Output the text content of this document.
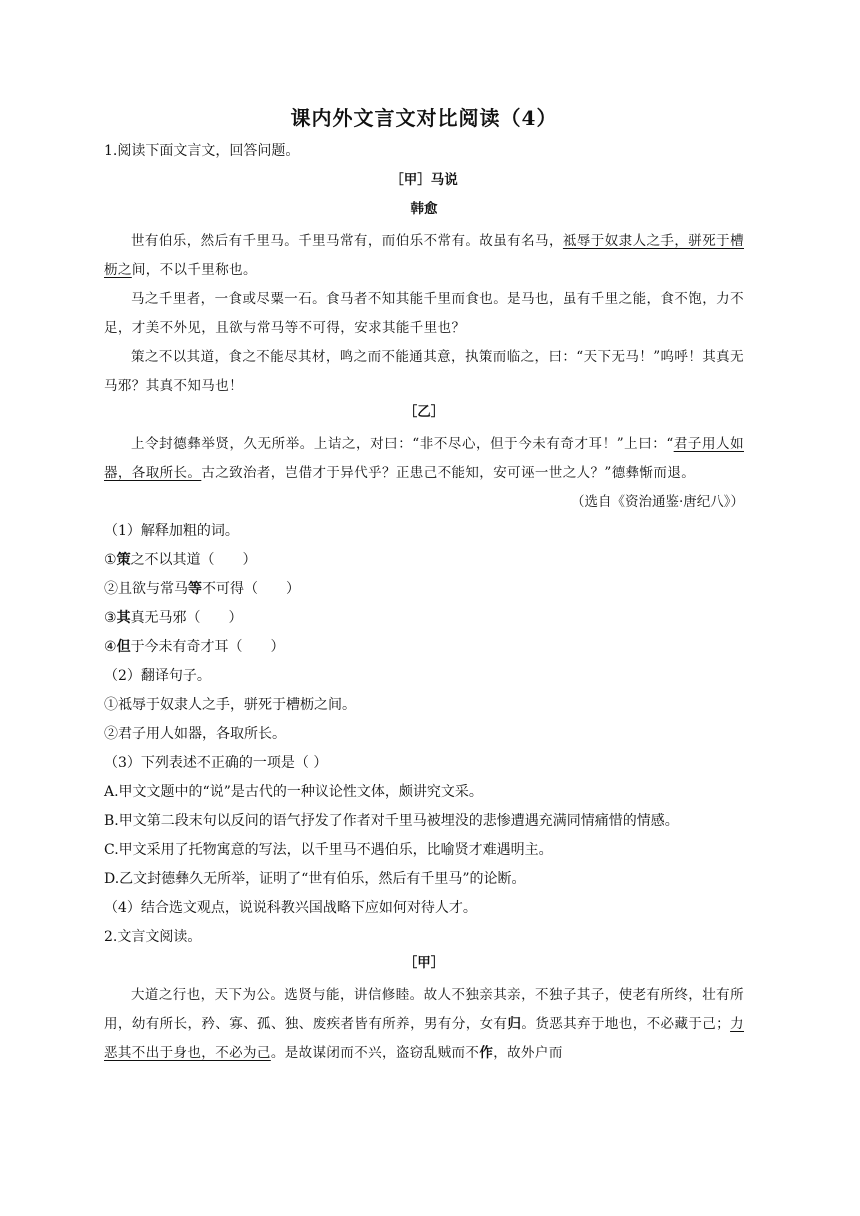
课内外文言文对比阅读（4）
1.阅读下面文言文，回答问题。
［甲］马说
韩愈

世有伯乐，然后有千里马。千里马常有，而伯乐不常有。故虽有名马，祗辱于奴隶人之手，骈死于槽枥之间，不以千里称也。

马之千里者，一食或尽粟一石。食马者不知其能千里而食也。是马也，虽有千里之能，食不饱，力不足，才美不外见，且欲与常马等不可得，安求其能千里也？

策之不以其道，食之不能尽其材，鸣之而不能通其意，执策而临之，曰：“天下无马！”呜呼！其真无马邪？其真不知马也！

［乙］

上令封德彝举贤，久无所举。上诘之，对曰：“非不尽心，但于今未有奇才耳！”上曰：“君子用人如器，各取所长。古之致治者，岂借才于异代乎？正患己不能知，安可诬一世之人？”德彝惭而退。

（选自《资治通鉴·唐纪八》）
（1）解释加粗的词。
①策之不以其道（　　）
②且欲与常马等不可得（　　）
③其真无马邪（　　）
④但于今未有奇才耳（　　）
（2）翻译句子。
①祗辱于奴隶人之手，骈死于槽枥之间。
②君子用人如器，各取所长。
（3）下列表述不正确的一项是（ ）
A.甲文文题中的“说”是古代的一种议论性文体，颇讲究文采。
B.甲文第二段末句以反问的语气抒发了作者对千里马被埋没的悲惨遭遇充满同情痛惜的情感。
C.甲文采用了托物寓意的写法，以千里马不遇伯乐，比喻贤才难遇明主。
D.乙文封德彝久无所举，证明了“世有伯乐，然后有千里马”的论断。
（4）结合选文观点，说说科教兴国战略下应如何对待人才。
2.文言文阅读。
［甲］

大道之行也，天下为公。选贤与能，讲信修睦。故人不独亲其亲，不独子其子，使老有所终，壮有所用，幼有所长，矜、寡、孤、独、废疾者皆有所养，男有分，女有归。货恶其弃于地也，不必藏于己；力恶其不出于身也，不必为己。是故谋闭而不兴，盗窃乱贼而不作，故外户而
